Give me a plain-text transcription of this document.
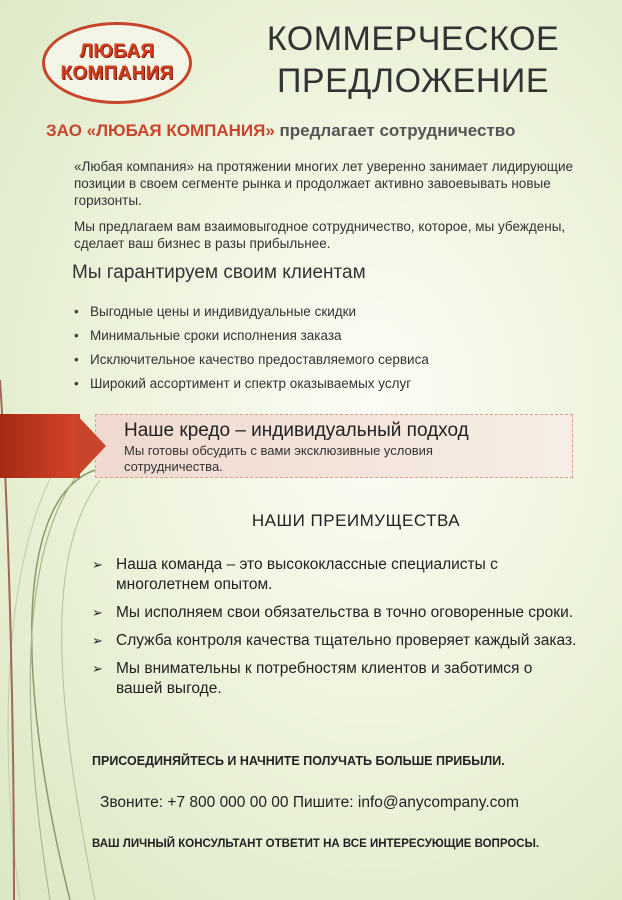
ЛЮБАЯ
КОМПАНИЯ
КОММЕРЧЕСКОЕ
ПРЕДЛОЖЕНИЕ
ЗАО «ЛЮБАЯ КОМПАНИЯ» предлагает сотрудничество
«Любая компания» на протяжении многих лет уверенно занимает лидирующие позиции в своем сегменте рынка и продолжает активно завоевывать новые горизонты.
Мы предлагаем вам взаимовыгодное сотрудничество, которое, мы убеждены, сделает ваш бизнес в разы прибыльнее.
Мы гарантируем своим клиентам
• Выгодные цены и индивидуальные скидки
• Минимальные сроки исполнения заказа
• Исключительное качество предоставляемого сервиса
• Широкий ассортимент и спектр оказываемых услуг
Наше кредо – индивидуальный подход
Мы готовы обсудить с вами эксклюзивные условия сотрудничества.
НАШИ ПРЕИМУЩЕСТВА
➢ Наша команда – это высококлассные специалисты с многолетнем опытом.
➢ Мы исполняем свои обязательства в точно оговоренные сроки.
➢ Служба контроля качества тщательно проверяет каждый заказ.
➢ Мы внимательны к потребностям клиентов и заботимся о вашей выгоде.
ПРИСОЕДИНЯЙТЕСЬ И НАЧНИТЕ ПОЛУЧАТЬ БОЛЬШЕ ПРИБЫЛИ.
Звоните: +7 800 000 00 00 Пишите: info@anycompany.com
ВАШ ЛИЧНЫЙ КОНСУЛЬТАНТ ОТВЕТИТ НА ВСЕ ИНТЕРЕСУЮЩИЕ ВОПРОСЫ.
